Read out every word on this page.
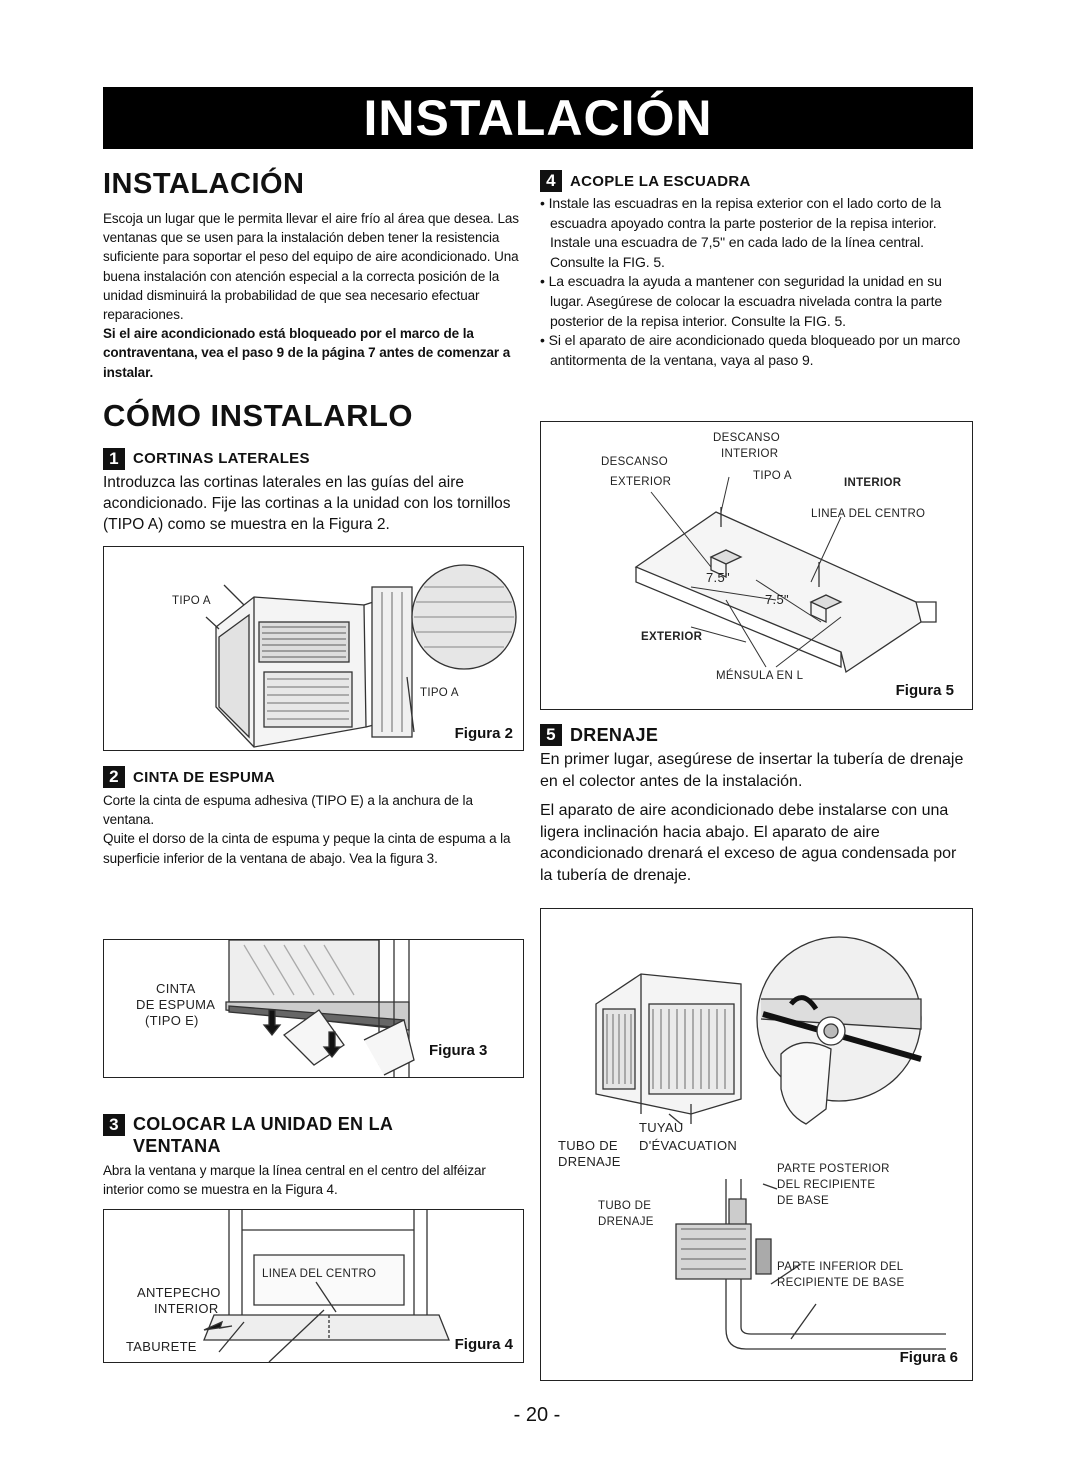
INSTALACIÓN
INSTALACIÓN

Escoja un lugar que le permita llevar el aire frío al área que desea. Las ventanas que se usen para la instalación deben tener la resistencia suficiente para soportar el peso del equipo de aire acondicionado. Una buena instalación con atención especial a la correcta posición de la unidad disminuirá la probabilidad de que sea necesario efectuar reparaciones.

Si el aire acondicionado está bloqueado por el marco de la contraventana, vea el paso 9 de la página 7 antes de comenzar a instalar.

CÓMO INSTALARLO
1 CORTINAS LATERALES

Introduzca las cortinas laterales en las guías del aire acondicionado. Fije las cortinas a la unidad con los tornillos (TIPO A) como se muestra en la Figura 2.

TIPO A
TIPO A
Figura 2
2 CINTA DE ESPUMA

Corte la cinta de espuma adhesiva (TIPO E) a la anchura de la ventana.

Quite el dorso de la cinta de espuma y peque la cinta de espuma a la superficie inferior de la ventana de abajo. Vea la figura 3.

CINTA
DE ESPUMA
(TIPO E)
Figura 3
3 COLOCAR LA UNIDAD EN LA VENTANA

Abra la ventana y marque la línea central en el centro del alféizar interior como se muestra en la Figura 4.

LINEA DEL CENTRO
ANTEPECHO
INTERIOR
TABURETE	Figura 4
4 ACOPLE LA ESCUADRA

• Instale las escuadras en la repisa exterior con el lado corto de la escuadra apoyado contra la parte posterior de la repisa interior. Instale una escuadra de 7,5" en cada lado de la línea central. Consulte la FIG. 5.

• La escuadra la ayuda a mantener con seguridad la unidad en su lugar. Asegúrese de colocar la escuadra nivelada contra la parte posterior de la repisa interior. Consulte la FIG. 5.

• Si el aparato de aire acondicionado queda bloqueado por un marco antitormenta de la ventana, vaya al paso 9.

DESCANSO
INTERIOR
DESCANSO
EXTERIOR	TIPO A
INTERIOR
LINEA DEL CENTRO
7.5"
7.5"
EXTERIOR
MÉNSULA EN L
Figura 5
5 DRENAJE

En primer lugar, asegúrese de insertar la tubería de drenaje en el colector antes de la instalación.

El aparato de aire acondicionado debe instalarse con una ligera inclinación hacia abajo. El aparato de aire acondicionado drenará el exceso de agua condensada por la tubería de drenaje.

TUYAU
TUBO DE D'ÉVACUATION
DRENAJE	PARTE POSTERIOR
DEL RECIPIENTE
DE BASE
TUBO DE
DRENAJE
PARTE INFERIOR DEL
RECIPIENTE DE BASE
Figura 6
- 20 -
